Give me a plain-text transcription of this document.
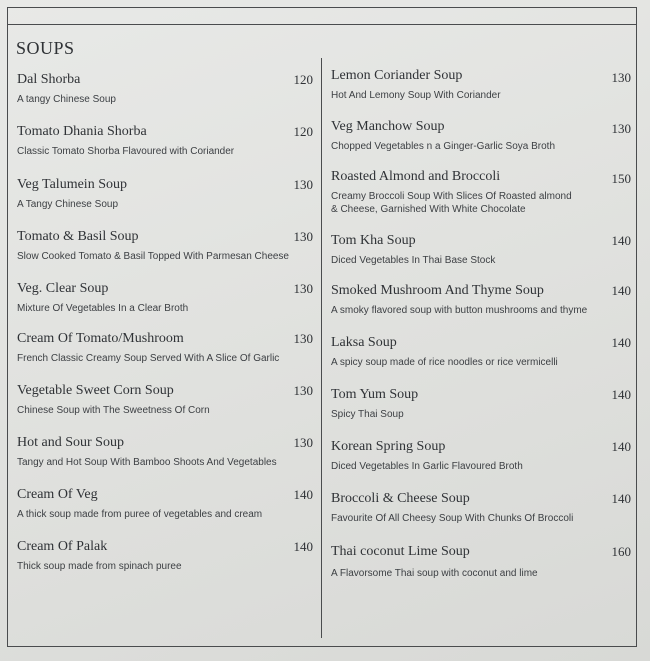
SOUPS
Dal Shorba	120
A tangy Chinese Soup
Tomato Dhania Shorba	120
Classic Tomato Shorba Flavoured with Coriander
Veg Talumein Soup	130
A Tangy Chinese Soup
Tomato & Basil Soup	130
Slow Cooked Tomato & Basil Topped With Parmesan Cheese
Veg. Clear Soup	130
Mixture Of Vegetables In a Clear Broth
Cream Of Tomato/Mushroom	130
French Classic Creamy Soup Served With A Slice Of Garlic
Vegetable Sweet Corn Soup	130
Chinese Soup with The Sweetness Of Corn
Hot and Sour Soup	130
Tangy and Hot Soup With Bamboo Shoots And Vegetables
Cream Of Veg	140
A thick soup made from puree of vegetables and cream
Cream Of Palak	140
Thick soup made from spinach puree
Lemon Coriander Soup	130
Hot And Lemony Soup With Coriander
Veg Manchow Soup	130
Chopped Vegetables n a Ginger-Garlic Soya Broth
Roasted Almond and Broccoli	150
Creamy Broccoli Soup With Slices Of Roasted almond
& Cheese, Garnished With White Chocolate
Tom Kha Soup	140
Diced Vegetables In Thai Base Stock
Smoked Mushroom And Thyme Soup	140
A smoky flavored soup with button mushrooms and thyme
Laksa Soup	140
A spicy soup made of rice noodles or rice vermicelli
Tom Yum Soup	140
Spicy Thai Soup
Korean Spring Soup	140
Diced Vegetables In Garlic Flavoured Broth
Broccoli & Cheese Soup	140
Favourite Of All Cheesy Soup With Chunks Of Broccoli
Thai coconut Lime Soup	160
A Flavorsome Thai soup with coconut and lime
